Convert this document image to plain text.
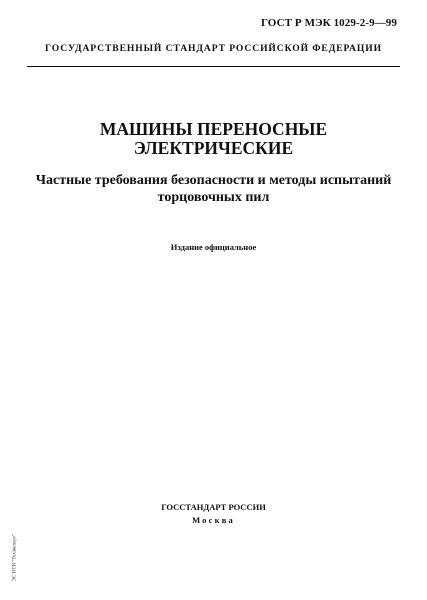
ГОСТ Р МЭК 1029-2-9—99
ГОСУДАРСТВЕННЫЙ СТАНДАРТ РОССИЙСКОЙ ФЕДЕРАЦИИ
МАШИНЫ ПЕРЕНОСНЫЕ
ЭЛЕКТРИЧЕСКИЕ
Частные требования безопасности и методы испытаний
торцовочных пил
Издание официальное
ГОССТАНДАРТ РОССИИ
Москва
ЭС НТИ "Техэксперт"
